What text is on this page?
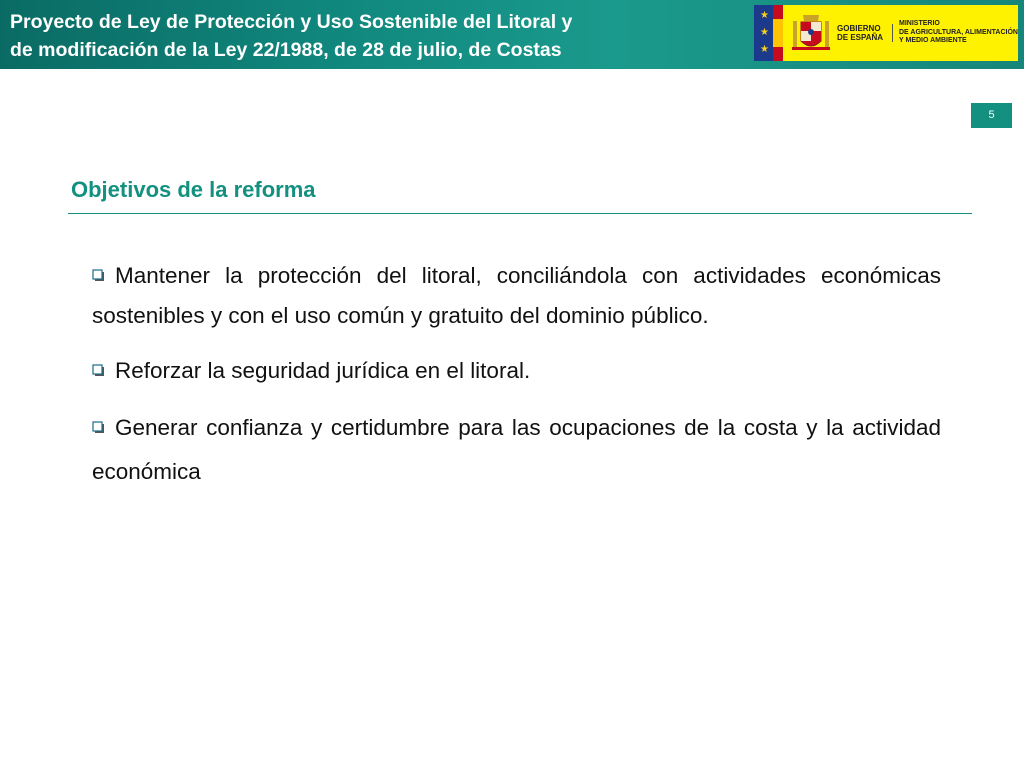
Proyecto de Ley de Protección y Uso Sostenible del Litoral y
de modificación de la Ley 22/1988, de 28 de julio, de Costas
★
★
★
GOBIERNO
DE ESPAÑA
MINISTERIO
DE AGRICULTURA, ALIMENTACIÓN
Y MEDIO AMBIENTE
5
Objetivos de la reforma
Mantener la protección del litoral, conciliándola con actividades económicas sostenibles y con el uso común y gratuito del dominio público.
Reforzar la seguridad jurídica en el litoral.
Generar confianza y certidumbre para las ocupaciones de la costa y la actividad económica
